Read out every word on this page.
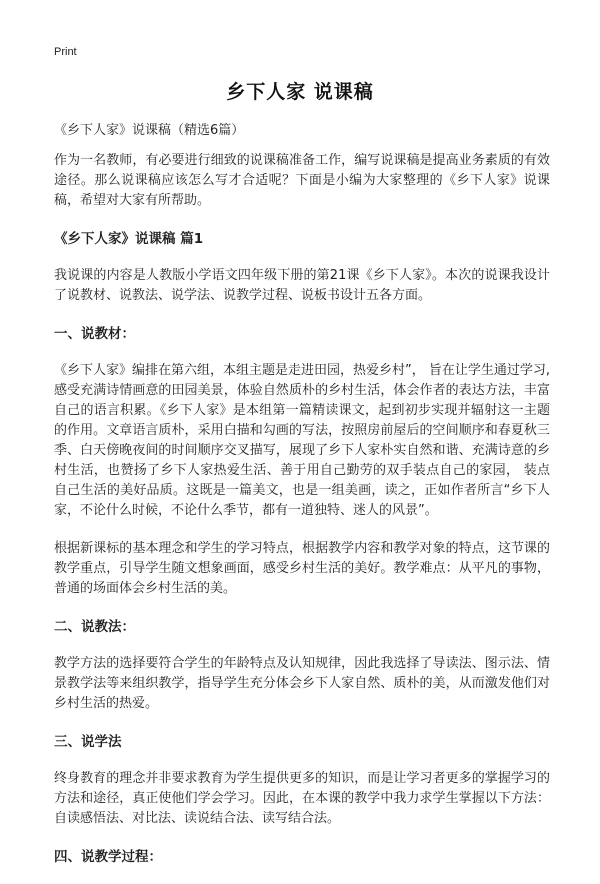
Print
乡下人家 说课稿

《乡下人家》说课稿（精选6篇）

作为一名教师，有必要进行细致的说课稿准备工作，编写说课稿是提高业务素质的有效途径。那么说课稿应该怎么写才合适呢？下面是小编为大家整理的《乡下人家》说课稿，希望对大家有所帮助。

《乡下人家》说课稿 篇1

我说课的内容是人教版小学语文四年级下册的第21课《乡下人家》。本次的说课我设计了说教材、说教法、说学法、说教学过程、说板书设计五各方面。

一、说教材：

《乡下人家》编排在第六组，本组主题是走进田园，热爱乡村”， 旨在让学生通过学习,感受充满诗情画意的田园美景，体验自然质朴的乡村生活，体会作者的表达方法，丰富自己的语言积累。《乡下人家》是本组第一篇精读课文，起到初步实现并辐射这一主题的作用。文章语言质朴，采用白描和勾画的写法，按照房前屋后的空间顺序和春夏秋三季、白天傍晚夜间的时间顺序交叉描写，展现了乡下人家朴实自然和谐、充满诗意的乡村生活，也赞扬了乡下人家热爱生活、善于用自己勤劳的双手装点自己的家园， 装点自己生活的美好品质。这既是一篇美文，也是一组美画，读之，正如作者所言“乡下人家，不论什么时候，不论什么季节，都有一道独特、迷人的风景”。

根据新课标的基本理念和学生的学习特点，根据教学内容和教学对象的特点，这节课的教学重点，引导学生随文想象画面，感受乡村生活的美好。教学难点：从平凡的事物，普通的场面体会乡村生活的美。

二、说教法：

教学方法的选择要符合学生的年龄特点及认知规律，因此我选择了导读法、图示法、情景教学法等来组织教学，指导学生充分体会乡下人家自然、质朴的美，从而激发他们对乡村生活的热爱。

三、说学法

终身教育的理念并非要求教育为学生提供更多的知识，而是让学习者更多的掌握学习的方法和途径，真正使他们学会学习。因此，在本课的教学中我力求学生掌握以下方法：自读感悟法、对比法、读说结合法、读写结合法。

四、说教学过程：
